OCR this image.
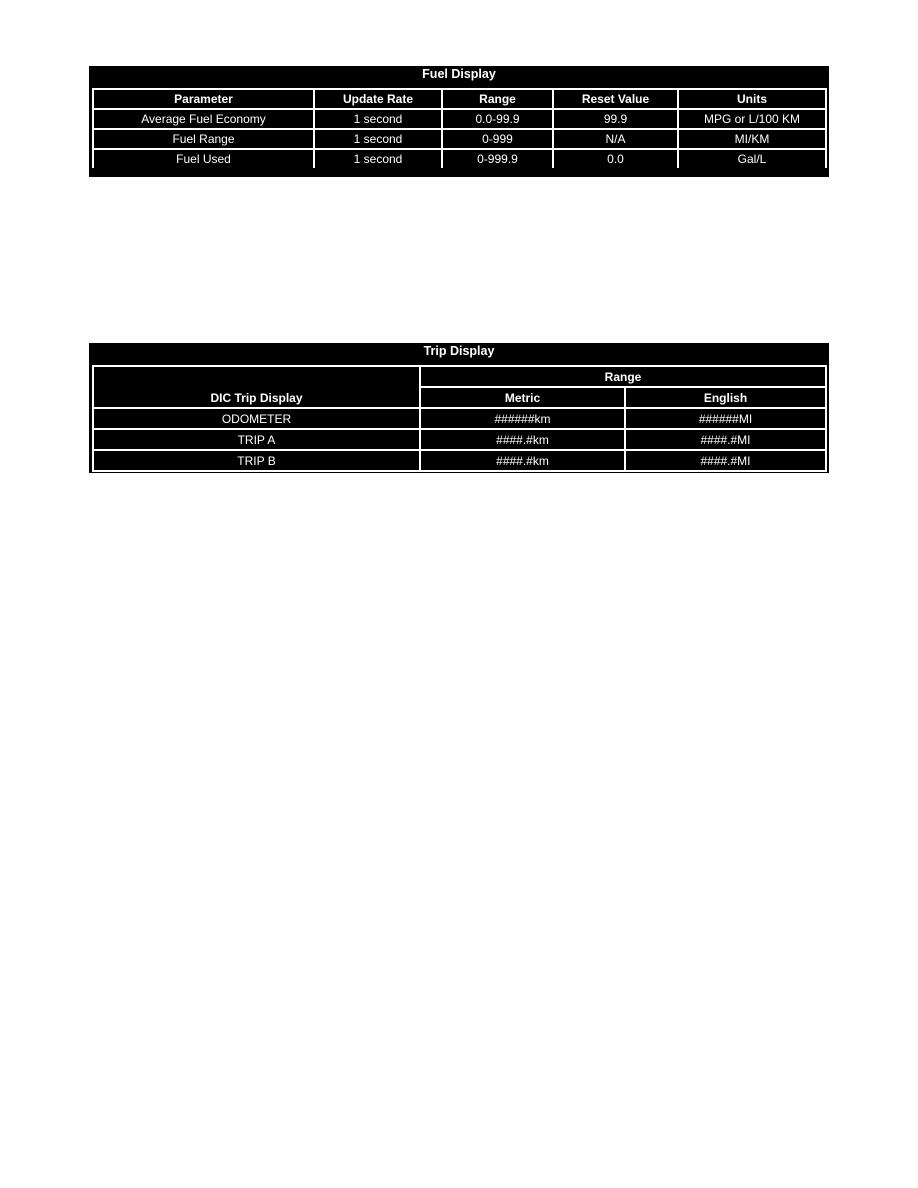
Fuel Display
Parameter	Update Rate	Range	Reset Value	Units
Average Fuel Economy	1 second	0.0-99.9	99.9	MPG or L/100 KM
Fuel Range	1 second	0-999	N/A	MI/KM
Fuel Used	1 second	0-999.9	0.0	Gal/L
Trip Display
DIC Trip Display	Range	
	Metric	English
ODOMETER	######km	######MI
TRIP A	####.#km	####.#MI
TRIP B	####.#km	####.#MI
